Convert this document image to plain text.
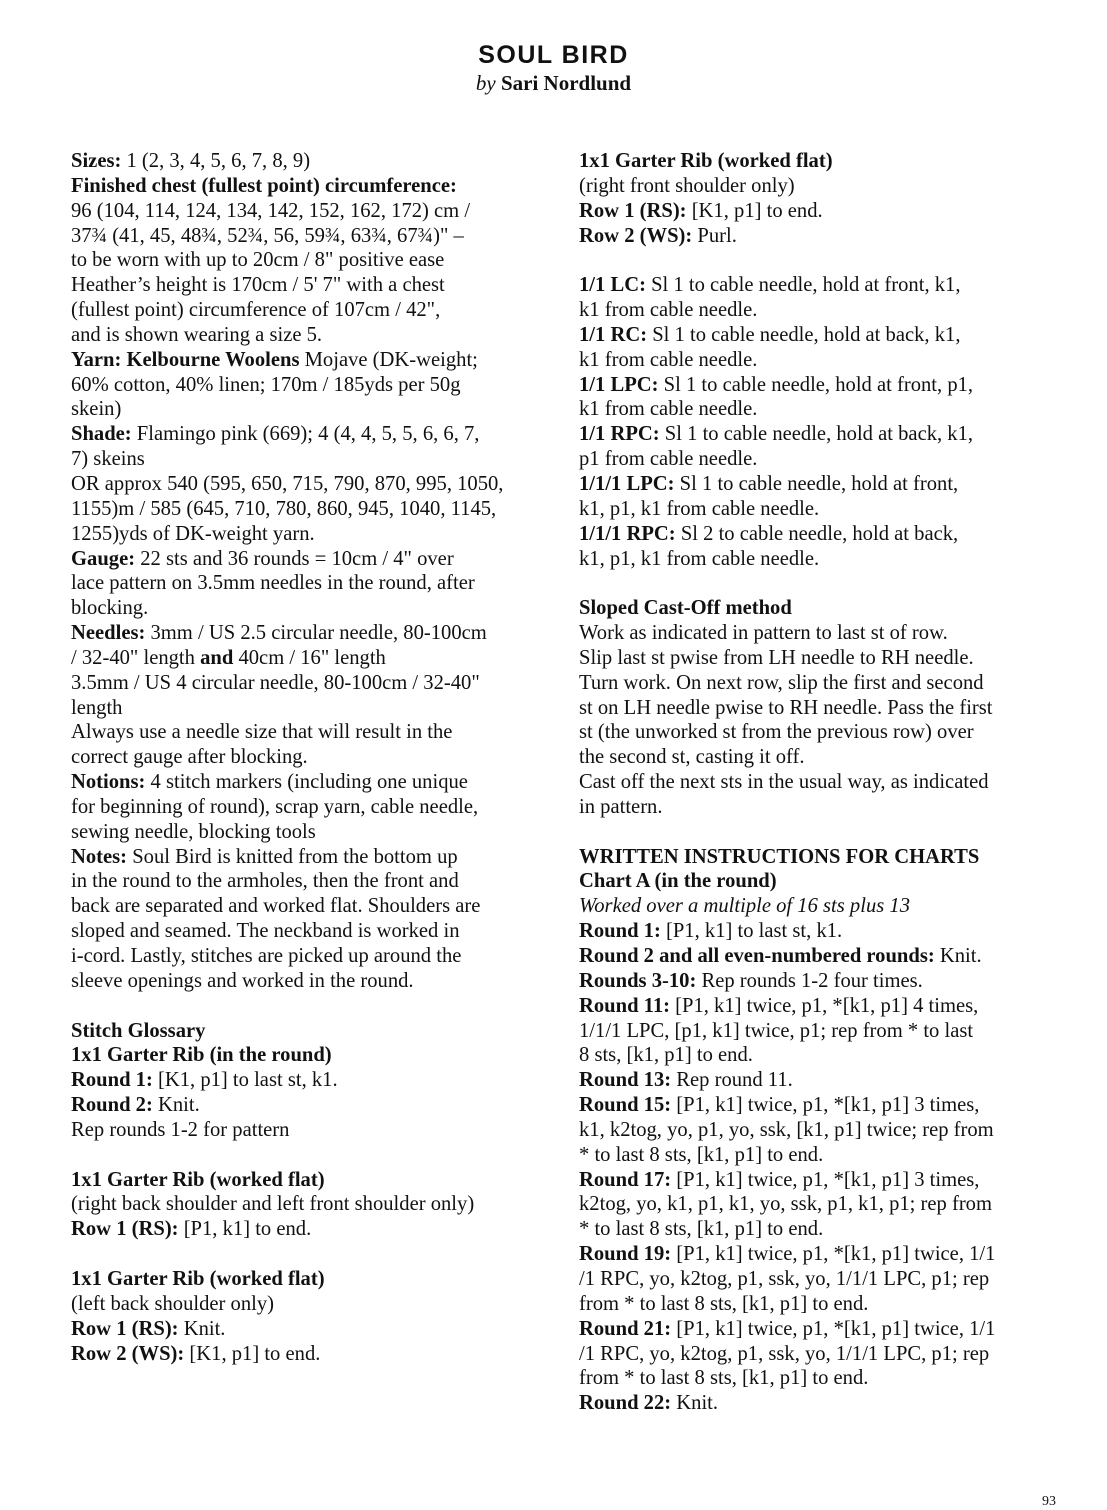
SOUL BIRD
by Sari Nordlund
Sizes: 1 (2, 3, 4, 5, 6, 7, 8, 9)
Finished chest (fullest point) circumference:
96 (104, 114, 124, 134, 142, 152, 162, 172) cm /
37¾ (41, 45, 48¾, 52¾, 56, 59¾, 63¾, 67¾)" –
to be worn with up to 20cm / 8" positive ease
Heather’s height is 170cm / 5' 7" with a chest
(fullest point) circumference of 107cm / 42",
and is shown wearing a size 5.
Yarn: Kelbourne Woolens Mojave (DK-weight;
60% cotton, 40% linen; 170m / 185yds per 50g
skein)
Shade: Flamingo pink (669); 4 (4, 4, 5, 5, 6, 6, 7,
7) skeins
OR approx 540 (595, 650, 715, 790, 870, 995, 1050,
1155)m / 585 (645, 710, 780, 860, 945, 1040, 1145,
1255)yds of DK-weight yarn.
Gauge: 22 sts and 36 rounds = 10cm / 4" over
lace pattern on 3.5mm needles in the round, after
blocking.
Needles: 3mm / US 2.5 circular needle, 80-100cm
/ 32-40" length and 40cm / 16" length
3.5mm / US 4 circular needle, 80-100cm / 32-40"
length
Always use a needle size that will result in the
correct gauge after blocking.
Notions: 4 stitch markers (including one unique
for beginning of round), scrap yarn, cable needle,
sewing needle, blocking tools
Notes: Soul Bird is knitted from the bottom up
in the round to the armholes, then the front and
back are separated and worked flat. Shoulders are
sloped and seamed. The neckband is worked in
i-cord. Lastly, stitches are picked up around the
sleeve openings and worked in the round.
Stitch Glossary
1x1 Garter Rib (in the round)
Round 1: [K1, p1] to last st, k1.
Round 2: Knit.
Rep rounds 1-2 for pattern
1x1 Garter Rib (worked flat)
(right back shoulder and left front shoulder only)
Row 1 (RS): [P1, k1] to end.
1x1 Garter Rib (worked flat)
(left back shoulder only)
Row 1 (RS): Knit.
Row 2 (WS): [K1, p1] to end.
1x1 Garter Rib (worked flat)
(right front shoulder only)
Row 1 (RS): [K1, p1] to end.
Row 2 (WS): Purl.
1/1 LC: Sl 1 to cable needle, hold at front, k1,
k1 from cable needle.
1/1 RC: Sl 1 to cable needle, hold at back, k1,
k1 from cable needle.
1/1 LPC: Sl 1 to cable needle, hold at front, p1,
k1 from cable needle.
1/1 RPC: Sl 1 to cable needle, hold at back, k1,
p1 from cable needle.
1/1/1 LPC: Sl 1 to cable needle, hold at front,
k1, p1, k1 from cable needle.
1/1/1 RPC: Sl 2 to cable needle, hold at back,
k1, p1, k1 from cable needle.
Sloped Cast-Off method
Work as indicated in pattern to last st of row.
Slip last st pwise from LH needle to RH needle.
Turn work. On next row, slip the first and second
st on LH needle pwise to RH needle. Pass the first
st (the unworked st from the previous row) over
the second st, casting it off.
Cast off the next sts in the usual way, as indicated
in pattern.
WRITTEN INSTRUCTIONS FOR CHARTS
Chart A (in the round)
Worked over a multiple of 16 sts plus 13
Round 1: [P1, k1] to last st, k1.
Round 2 and all even-numbered rounds: Knit.
Rounds 3-10: Rep rounds 1-2 four times.
Round 11: [P1, k1] twice, p1, *[k1, p1] 4 times,
1/1/1 LPC, [p1, k1] twice, p1; rep from * to last
8 sts, [k1, p1] to end.
Round 13: Rep round 11.
Round 15: [P1, k1] twice, p1, *[k1, p1] 3 times,
k1, k2tog, yo, p1, yo, ssk, [k1, p1] twice; rep from
* to last 8 sts, [k1, p1] to end.
Round 17: [P1, k1] twice, p1, *[k1, p1] 3 times,
k2tog, yo, k1, p1, k1, yo, ssk, p1, k1, p1; rep from
* to last 8 sts, [k1, p1] to end.
Round 19: [P1, k1] twice, p1, *[k1, p1] twice, 1/1
/1 RPC, yo, k2tog, p1, ssk, yo, 1/1/1 LPC, p1; rep
from * to last 8 sts, [k1, p1] to end.
Round 21: [P1, k1] twice, p1, *[k1, p1] twice, 1/1
/1 RPC, yo, k2tog, p1, ssk, yo, 1/1/1 LPC, p1; rep
from * to last 8 sts, [k1, p1] to end.
Round 22: Knit.
93
